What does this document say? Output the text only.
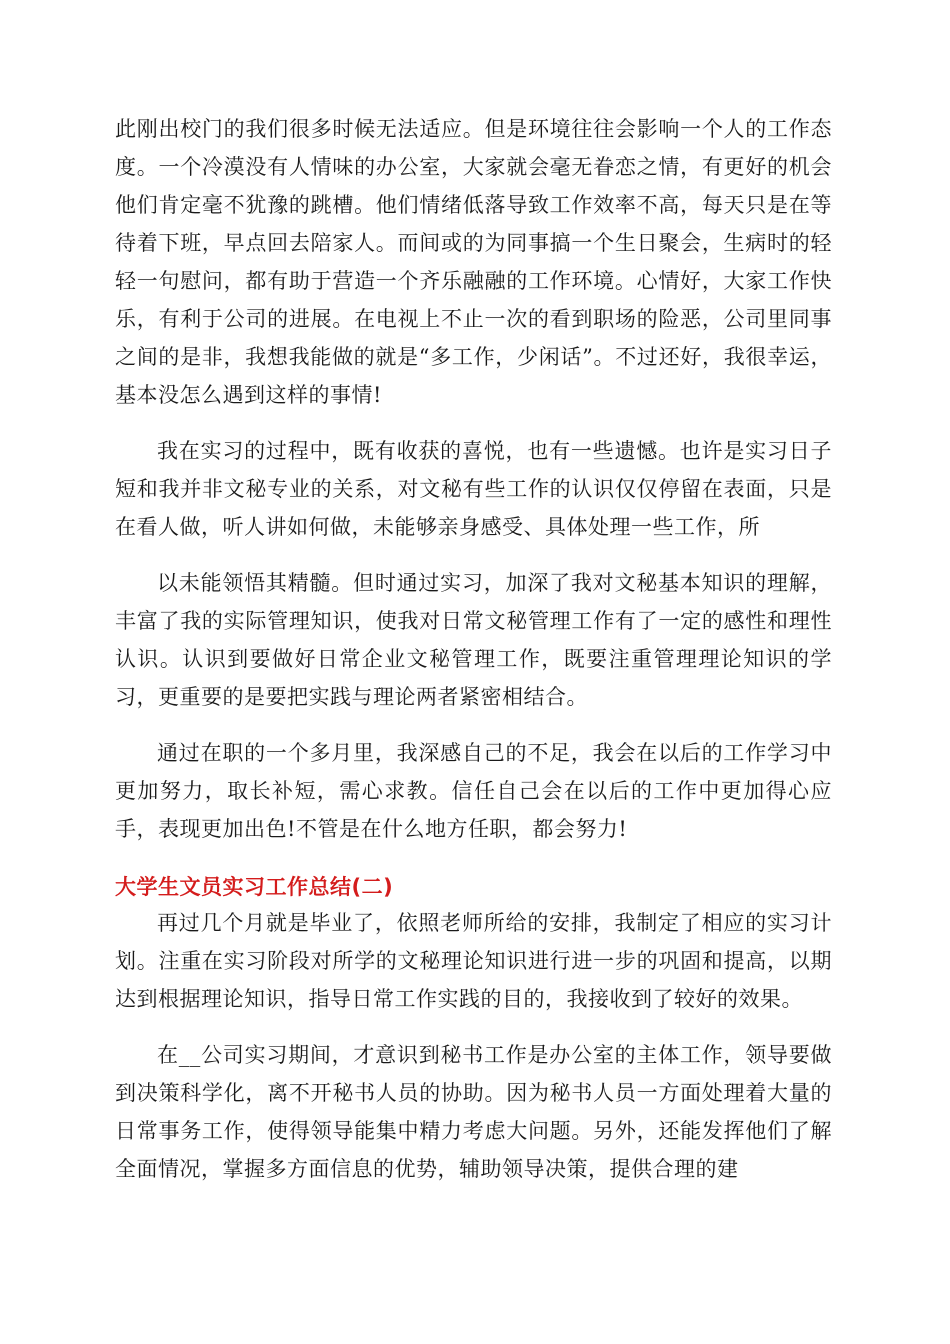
此刚出校门的我们很多时候无法适应。但是环境往往会影响一个人的工作态度。一个冷漠没有人情味的办公室，大家就会毫无眷恋之情，有更好的机会他们肯定毫不犹豫的跳槽。他们情绪低落导致工作效率不高，每天只是在等待着下班，早点回去陪家人。而间或的为同事搞一个生日聚会，生病时的轻轻一句慰问，都有助于营造一个齐乐融融的工作环境。心情好，大家工作快乐，有利于公司的进展。在电视上不止一次的看到职场的险恶，公司里同事之间的是非，我想我能做的就是“多工作，少闲话”。不过还好，我很幸运，基本没怎么遇到这样的事情!

我在实习的过程中，既有收获的喜悦，也有一些遗憾。也许是实习日子短和我并非文秘专业的关系，对文秘有些工作的认识仅仅停留在表面，只是在看人做，听人讲如何做，未能够亲身感受、具体处理一些工作，所

以未能领悟其精髓。但时通过实习，加深了我对文秘基本知识的理解，丰富了我的实际管理知识，使我对日常文秘管理工作有了一定的感性和理性认识。认识到要做好日常企业文秘管理工作，既要注重管理理论知识的学习，更重要的是要把实践与理论两者紧密相结合。

通过在职的一个多月里，我深感自己的不足，我会在以后的工作学习中更加努力，取长补短，需心求教。信任自己会在以后的工作中更加得心应手，表现更加出色!不管是在什么地方任职，都会努力!

大学生文员实习工作总结(二)

再过几个月就是毕业了，依照老师所给的安排，我制定了相应的实习计划。注重在实习阶段对所学的文秘理论知识进行进一步的巩固和提高，以期达到根据理论知识，指导日常工作实践的目的，我接收到了较好的效果。

在__公司实习期间，才意识到秘书工作是办公室的主体工作，领导要做到决策科学化，离不开秘书人员的协助。因为秘书人员一方面处理着大量的日常事务工作，使得领导能集中精力考虑大问题。另外，还能发挥他们了解全面情况，掌握多方面信息的优势，辅助领导决策，提供合理的建
